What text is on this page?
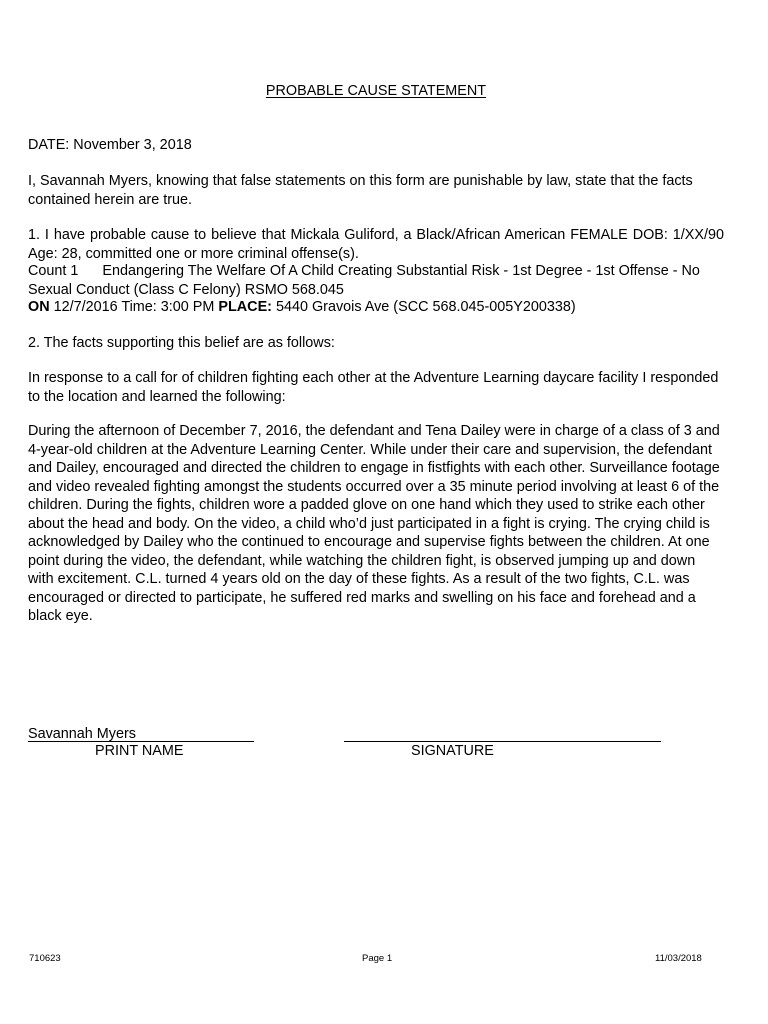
PROBABLE CAUSE STATEMENT
DATE: November 3, 2018
I, Savannah Myers, knowing that false statements on this form are punishable by law, state that the facts contained herein are true.
1. I have probable cause to believe that Mickala Guliford, a Black/African American FEMALE DOB: 1/XX/90 Age: 28, committed one or more criminal offense(s).
Count 1 Endangering The Welfare Of A Child Creating Substantial Risk - 1st Degree - 1st Offense - No Sexual Conduct (Class C Felony) RSMO 568.045
ON 12/7/2016 Time: 3:00 PM PLACE: 5440 Gravois Ave (SCC 568.045-005Y200338)
2. The facts supporting this belief are as follows:
In response to a call for of children fighting each other at the Adventure Learning daycare facility I responded to the location and learned the following:
During the afternoon of December 7, 2016, the defendant and Tena Dailey were in charge of a class of 3 and 4-year-old children at the Adventure Learning Center. While under their care and supervision, the defendant and Dailey, encouraged and directed the children to engage in fistfights with each other. Surveillance footage and video revealed fighting amongst the students occurred over a 35 minute period involving at least 6 of the children. During the fights, children wore a padded glove on one hand which they used to strike each other about the head and body. On the video, a child who’d just participated in a fight is crying. The crying child is acknowledged by Dailey who the continued to encourage and supervise fights between the children. At one point during the video, the defendant, while watching the children fight, is observed jumping up and down with excitement. C.L. turned 4 years old on the day of these fights. As a result of the two fights, C.L. was encouraged or directed to participate, he suffered red marks and swelling on his face and forehead and a black eye.
Savannah Myers
PRINT NAME	SIGNATURE
710623	Page 1	11/03/2018
